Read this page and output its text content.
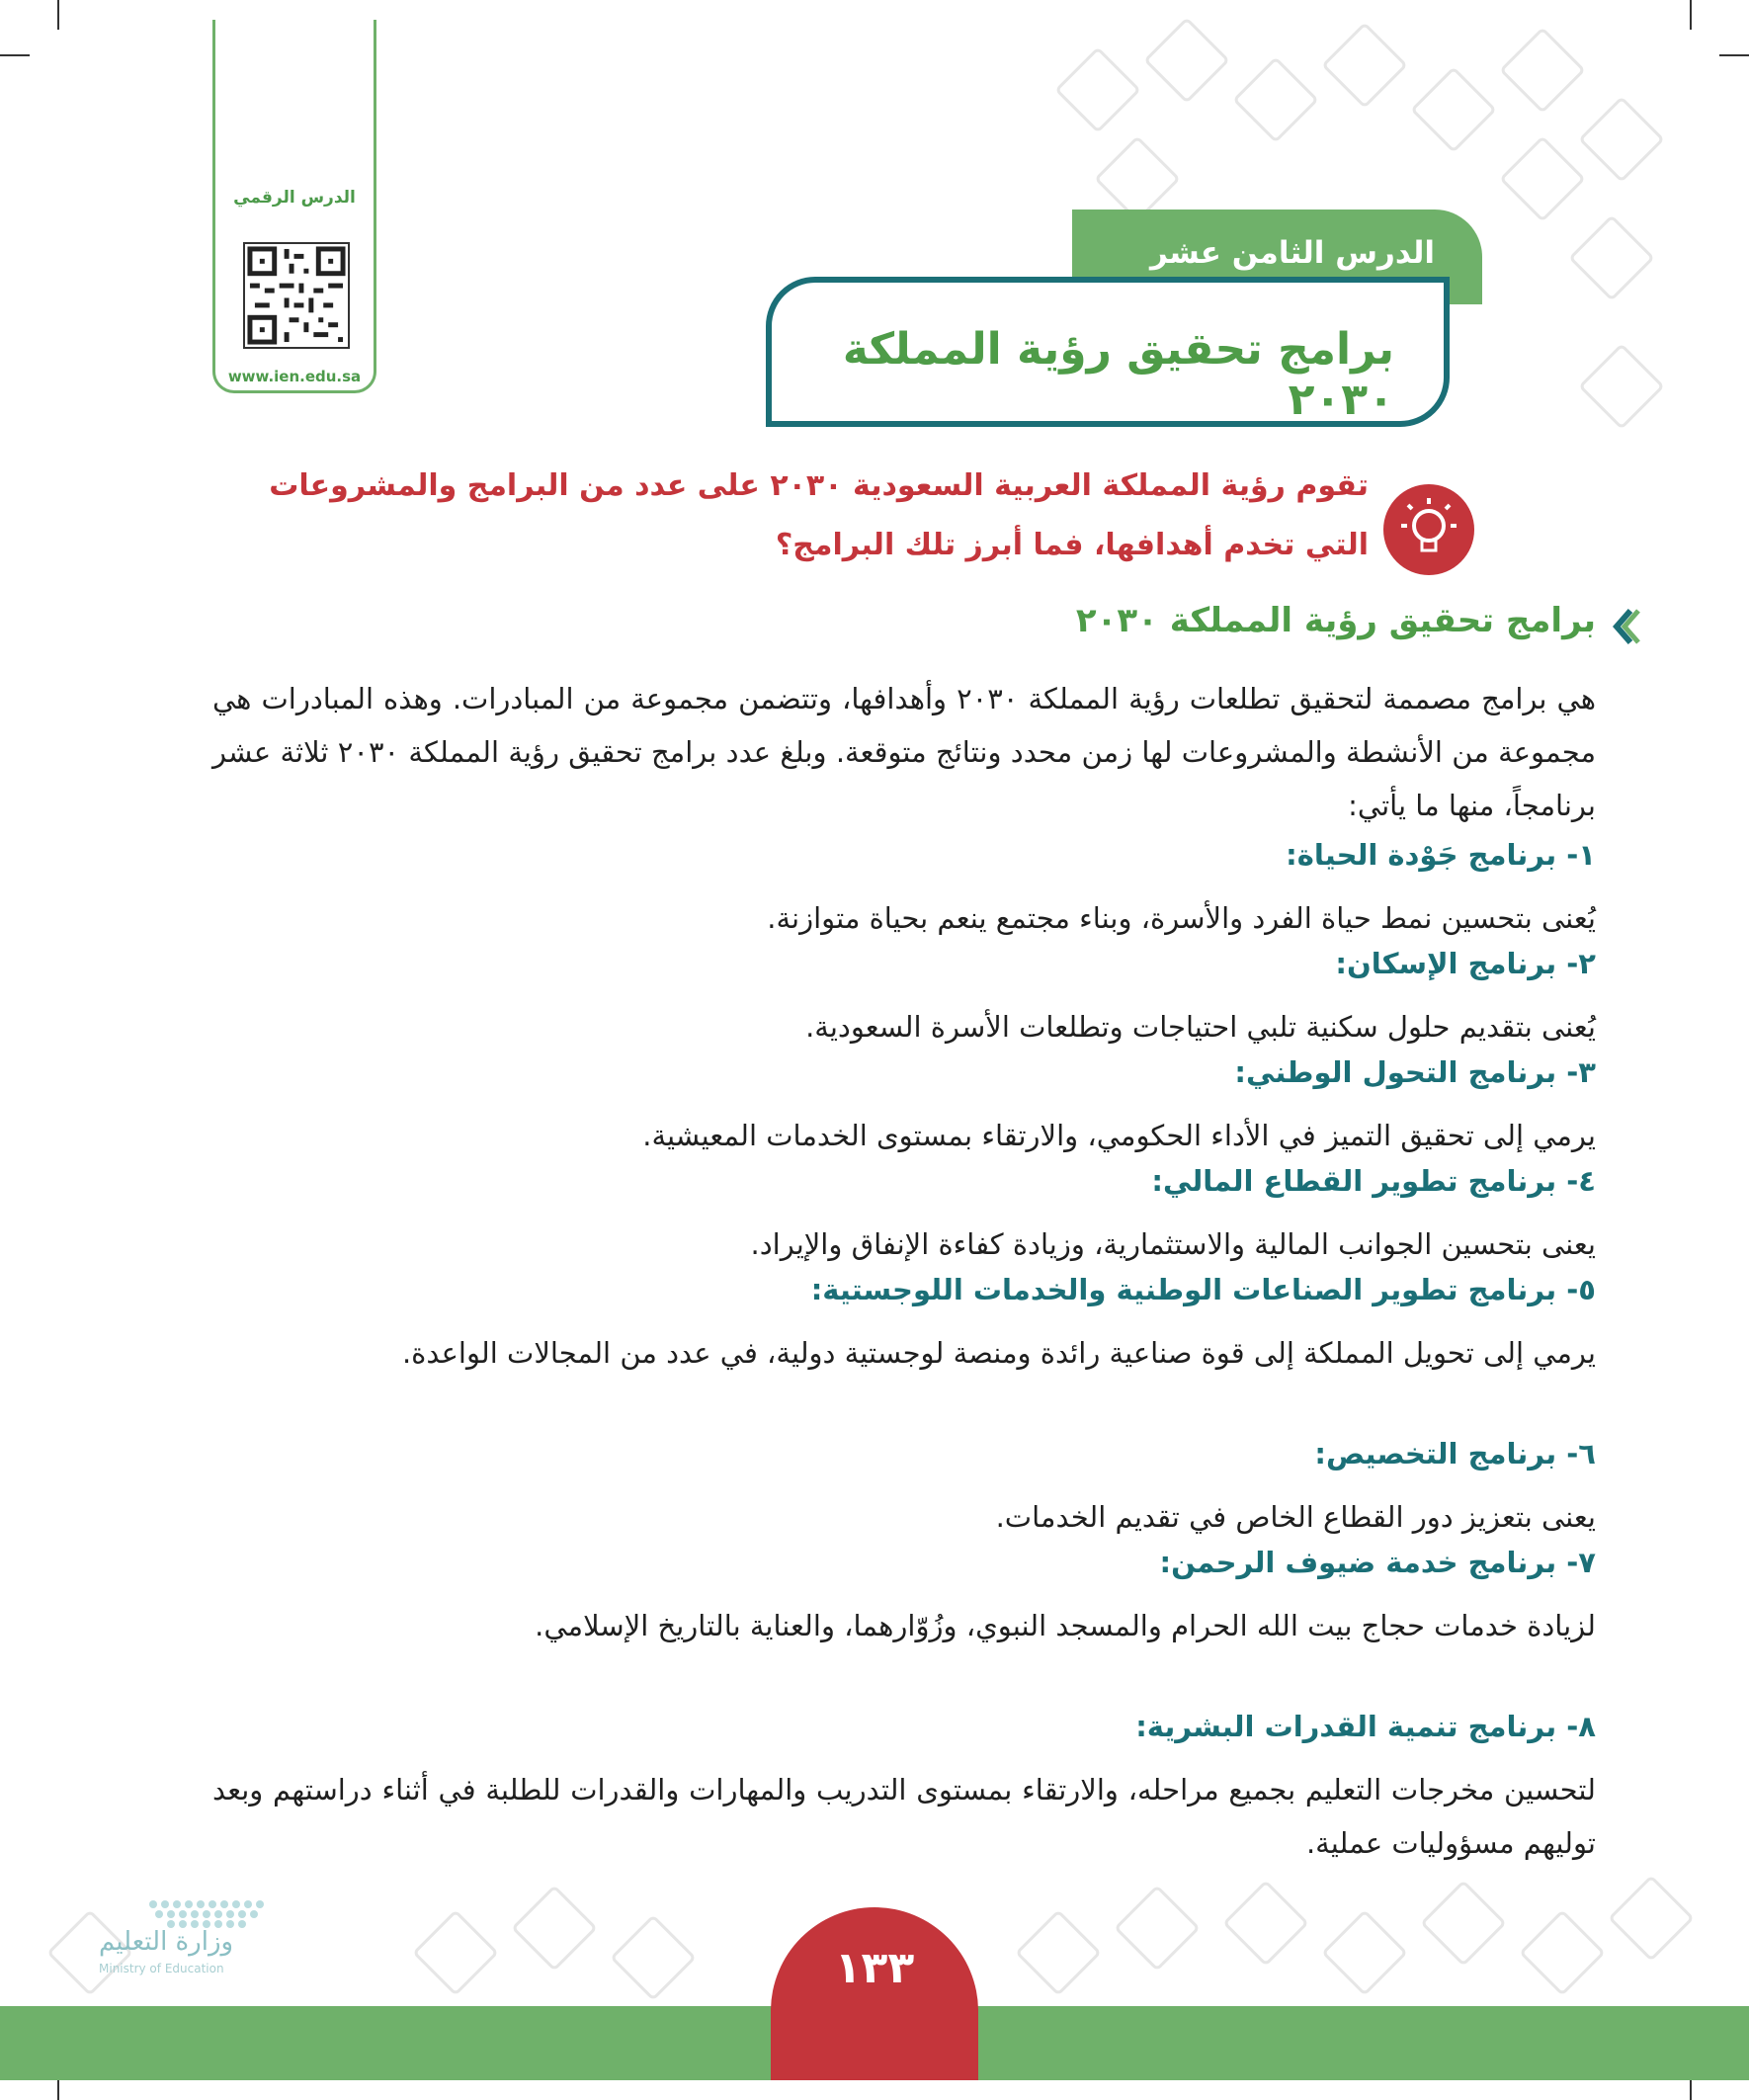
الدرس الرقمي
www.ien.edu.sa
الدرس الثامن عشر
برامج تحقيق رؤية المملكة ٢٠٣٠
تقوم رؤية المملكة العربية السعودية ٢٠٣٠ على عدد من البرامج والمشروعات
التي تخدم أهدافها، فما أبرز تلك البرامج؟
برامج تحقيق رؤية المملكة ٢٠٣٠
هي برامج مصممة لتحقيق تطلعات رؤية المملكة ٢٠٣٠ وأهدافها، وتتضمن مجموعة من المبادرات. وهذه المبادرات هي مجموعة من الأنشطة والمشروعات لها زمن محدد ونتائج متوقعة. وبلغ عدد برامج تحقيق رؤية المملكة ٢٠٣٠ ثلاثة عشر برنامجاً، منها ما يأتي:
١- برنامج جَوْدة الحياة:
يُعنى بتحسين نمط حياة الفرد والأسرة، وبناء مجتمع ينعم بحياة متوازنة.
٢- برنامج الإسكان:
يُعنى بتقديم حلول سكنية تلبي احتياجات وتطلعات الأسرة السعودية.
٣- برنامج التحول الوطني:
يرمي إلى تحقيق التميز في الأداء الحكومي، والارتقاء بمستوى الخدمات المعيشية.
٤- برنامج تطوير القطاع المالي:
يعنى بتحسين الجوانب المالية والاستثمارية، وزيادة كفاءة الإنفاق والإيراد.
٥- برنامج تطوير الصناعات الوطنية والخدمات اللوجستية:
يرمي إلى تحويل المملكة إلى قوة صناعية رائدة ومنصة لوجستية دولية، في عدد من المجالات الواعدة.
٦- برنامج التخصيص:
يعنى بتعزيز دور القطاع الخاص في تقديم الخدمات.
٧- برنامج خدمة ضيوف الرحمن:
لزيادة خدمات حجاج بيت الله الحرام والمسجد النبوي، وزُوّارهما، والعناية بالتاريخ الإسلامي.
٨- برنامج تنمية القدرات البشرية:
لتحسين مخرجات التعليم بجميع مراحله، والارتقاء بمستوى التدريب والمهارات والقدرات للطلبة في أثناء دراستهم وبعد توليهم مسؤوليات عملية.
١٣٣
وزارة التعليم
Ministry of Education
